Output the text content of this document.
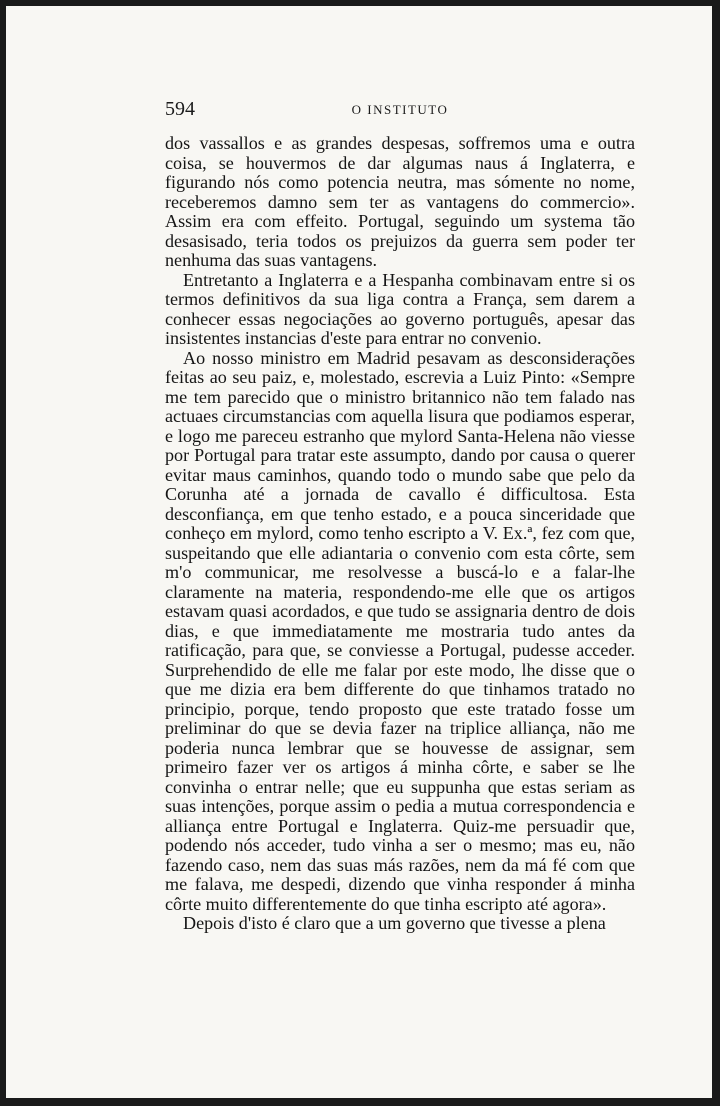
594	O INSTITUTO

dos vassallos e as grandes despesas, soffremos uma e outra coisa, se houvermos de dar algumas naus á Inglaterra, e figurando nós como potencia neutra, mas sómente no nome, receberemos damno sem ter as vantagens do commercio». Assim era com effeito. Portugal, seguindo um systema tão desasisado, teria todos os prejuizos da guerra sem poder ter nenhuma das suas vantagens.

Entretanto a Inglaterra e a Hespanha combinavam entre si os termos definitivos da sua liga contra a França, sem darem a conhecer essas negociações ao governo português, apesar das insistentes instancias d'este para entrar no convenio.

Ao nosso ministro em Madrid pesavam as desconsiderações feitas ao seu paiz, e, molestado, escrevia a Luiz Pinto: «Sempre me tem parecido que o ministro britannico não tem falado nas actuaes circumstancias com aquella lisura que podiamos esperar, e logo me pareceu estranho que mylord Santa-Helena não viesse por Portugal para tratar este assumpto, dando por causa o querer evitar maus caminhos, quando todo o mundo sabe que pelo da Corunha até a jornada de cavallo é difficultosa. Esta desconfiança, em que tenho estado, e a pouca sinceridade que conheço em mylord, como tenho escripto a V. Ex.ª, fez com que, suspeitando que elle adiantaria o convenio com esta côrte, sem m'o communicar, me resolvesse a buscá-lo e a falar-lhe claramente na materia, respondendo-me elle que os artigos estavam quasi acordados, e que tudo se assignaria dentro de dois dias, e que immediatamente me mostraria tudo antes da ratificação, para que, se conviesse a Portugal, pudesse acceder. Surprehendido de elle me falar por este modo, lhe disse que o que me dizia era bem differente do que tinhamos tratado no principio, porque, tendo proposto que este tratado fosse um preliminar do que se devia fazer na triplice alliança, não me poderia nunca lembrar que se houvesse de assignar, sem primeiro fazer ver os artigos á minha côrte, e saber se lhe convinha o entrar nelle; que eu suppunha que estas seriam as suas intenções, porque assim o pedia a mutua correspondencia e alliança entre Portugal e Inglaterra. Quiz-me persuadir que, podendo nós acceder, tudo vinha a ser o mesmo; mas eu, não fazendo caso, nem das suas más razões, nem da má fé com que me falava, me despedi, dizendo que vinha responder á minha côrte muito differentemente do que tinha escripto até agora».

Depois d'isto é claro que a um governo que tivesse a plena
